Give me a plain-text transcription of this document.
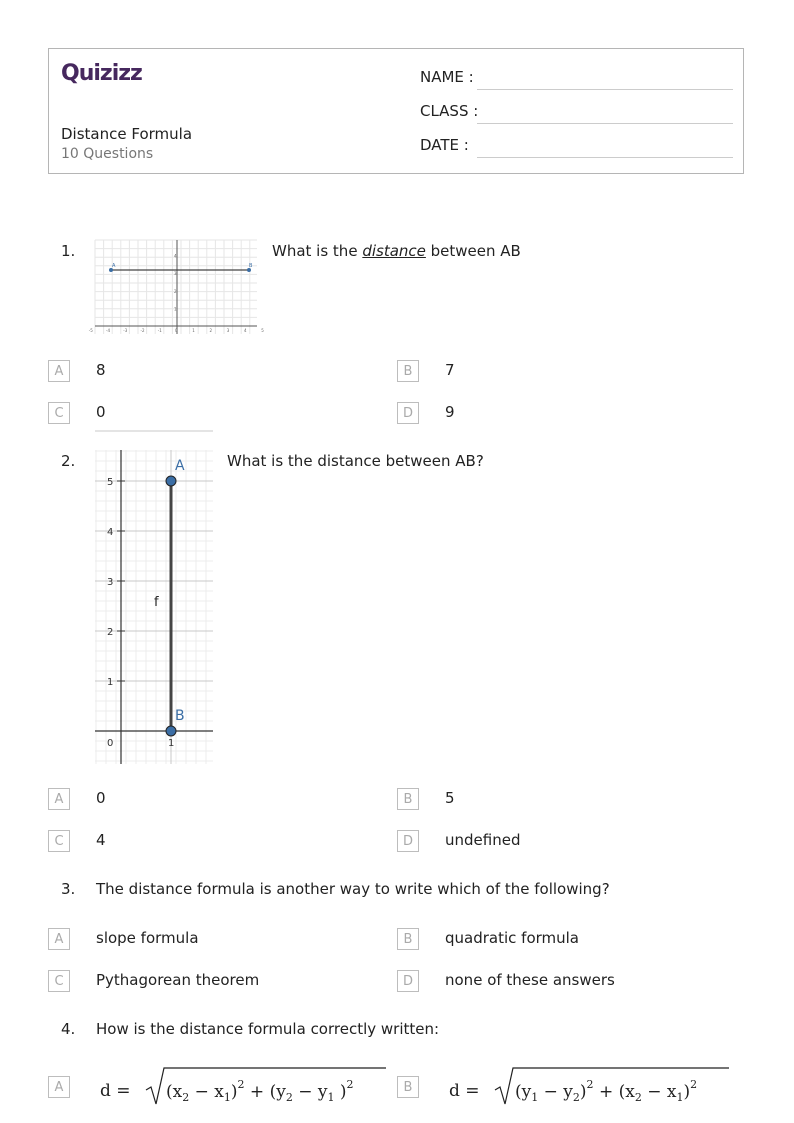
Quizizz
Distance Formula
10 Questions
NAME :
CLASS :
DATE :
1.
A	B
-5	-4	-3	-2	-1	0	1	2	3	4	5
1
2
3
4	What is the distance between AB
A	8	B	7
C	0	D	9
2.
1
2
3
4
5
0	1
A
B
f
What is the distance between AB?
A	0	B	5
C	4	D	undefined
3. The distance formula is another way to write which of the following?
A	slope formula	B	quadratic formula
C	Pythagorean theorem	D	none of these answers
4. How is the distance formula correctly written:
A	$d = (x_2 - x_1)^2 + (y_2 - y_1$ )$^2$	B	$d = (y_1 - y_2)^2 + (x_2 - x_1)^2$
